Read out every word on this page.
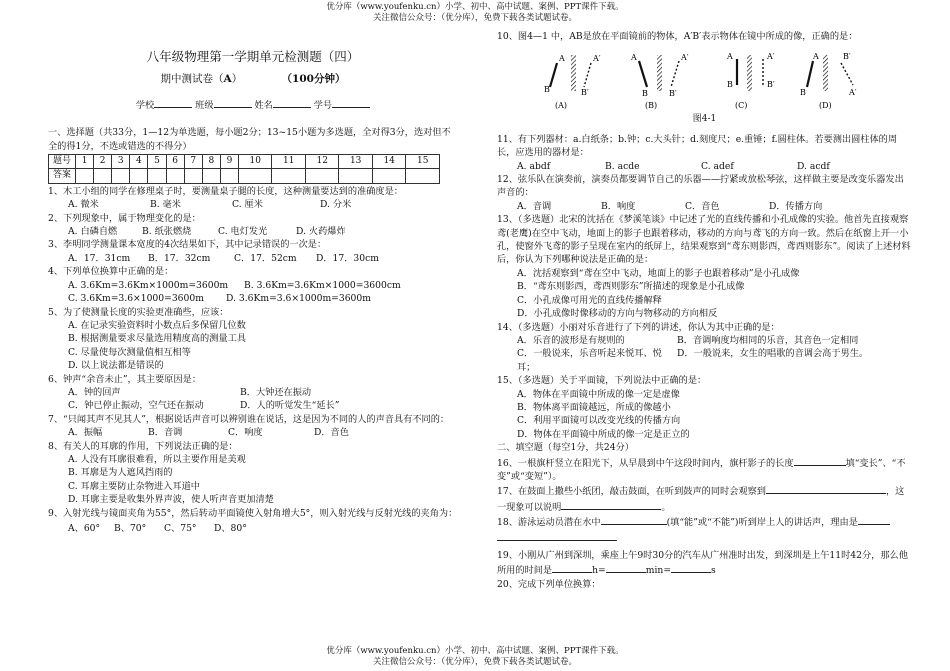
优分库（www.youfenku.cn）小学、初中、高中试题、案例、PPT课件下载。
关注微信公众号：（优分库），免费下载各类试题试卷。
八年级物理第一学期单元检测题（四）
期中测试卷（A）	（100分钟）
学校	班级	姓名	学号
一、选择题（共33分，1—12为单选题，每小题2分；13~15小题为多选题，全对得3分，选对但不全的得1分，不选或错选的不得分）
题号	1	2	3	4	5	6	7	8	9	10	11	12	13	14	15
答案															
1、木工小组的同学在修理桌子时，要测量桌子腿的长度，这种测量要达到的准确度是：
A. 微米	B. 毫米	C. 厘米	D. 分米
2、下列现象中，属于物理变化的是：
A. 白磷自燃	B. 纸张燃烧	C. 电灯发光	D. 火药爆炸
3、李明同学测量课本宽度的4次结果如下，其中记录错误的一次是：
A．17．31cm	B．17．32cm	C．17．52cm	D．17．30cm
4、下列单位换算中正确的是：
A. 3.6Km=3.6Km×1000m=3600m	B. 3.6Km=3.6Km×1000=3600cm
C. 3.6Km=3.6×1000=3600m	D. 3.6Km=3.6×1000m=3600m
5、为了使测量长度的实验更准确些，应该：
A. 在记录实验资料时小数点后多保留几位数
B. 根据测量要求尽量选用精度高的测量工具
C. 尽量使每次测量值相互相等
D. 以上说法都是错误的
6、钟声“余音未止”，其主要原因是：
A．钟的回声	B．大钟还在振动
C．钟已停止振动，空气还在振动	D．人的听觉发生“延长”
7、“只闻其声不见其人”，根据说话声音可以辨别谁在说话，这是因为不同的人的声音具有不同的：
A．振幅	B．音调	C．响度	D．音色
8、有关人的耳廓的作用，下列说法正确的是：
A. 人没有耳廓很难看，所以主要作用是美观
B. 耳廓是为人遮风挡雨的
C. 耳廓主要防止杂物进入耳道中
D. 耳廓主要是收集外界声波，使人听声音更加清楚
9、入射光线与镜面夹角为55°，然后转动平面镜使入射角增大5°，则入射光线与反射光线的夹角为：
A、60°	B、70°	C、75°	D、80°
10、图4—1 中，AB是放在平面镜前的物体，A′B′表示物体在镜中所成的像，正确的是：
A
B
A′
B′
(A)
A
B
A′
B′
(B)
A
B
A′
B′
(C)
A
B
B′
A′
(D)
图4-1
11、有下列器材：a.白纸条；b.钟；c.大头针；d.刻度尺；e.重锤；f.圆柱体。若要测出圆柱体的周长，应选用的器材是：
A. abdf	B. acde	C. adef	D. acdf
12、弦乐队在演奏前，演奏员都要调节自己的乐器——拧紧或放松琴弦，这样做主要是改变乐器发出声音的：
A．音调	B．响度	C．音色	D．传播方向
13、（多选题）北宋的沈括在《梦溪笔谈》中记述了光的直线传播和小孔成像的实验。他首先直接观察鸢(老鹰)在空中飞动，地面上的影子也跟着移动，移动的方向与鸢飞的方向一致。然后在纸窗上开一小孔，使窗外飞鸢的影子呈现在室内的纸屏上，结果观察到“鸢东则影西，鸢西则影东”。阅读了上述材料后，你认为下列哪种说法是正确的是：
A．沈括观察到“鸢在空中飞动，地面上的影子也跟着移动”是小孔成像
B．“鸢东则影西，鸢西则影东”所描述的现象是小孔成像
C．小孔成像可用光的直线传播解释
D．小孔成像时像移动的方向与物移动的方向相反
14、（多选题）小丽对乐音进行了下列的讲述，你认为其中正确的是：
A．乐音的波形是有规则的	B．音调响度均相同的乐音，其音色一定相同
C．一般说来，乐音听起来悦耳、悦耳；
D．一般说来，女生的唱歌的音调会高于男生。
15、（多选题）关于平面镜，下列说法中正确的是：
A．物体在平面镜中所成的像一定是虚像
B．物体离平面镜越远，所成的像越小
C．利用平面镜可以改变光线的传播方向
D．物体在平面镜中所成的像一定是正立的
二、填空题（每空1分，共24分）
16、一根旗杆竖立在阳光下，从早晨到中午这段时间内，旗杆影子的长度	填“变长”、“不变”或“变短”）。
17、在鼓面上撒些小纸团，敲击鼓面，在听到鼓声的同时会观察到	，这一现象可以说明	。
18、游泳运动员潜在水中	(填“能”或“不能”)听到岸上人的讲话声，理由是

19、小刚从广州到深圳，乘座上午9时30分的汽车从广州准时出发，到深圳是上午11时42分，那么他所用的时间是	h=	min=	s
20、完成下列单位换算：
优分库（www.youfenku.cn）小学、初中、高中试题、案例、PPT课件下载。
关注微信公众号：（优分库），免费下载各类试题试卷。
